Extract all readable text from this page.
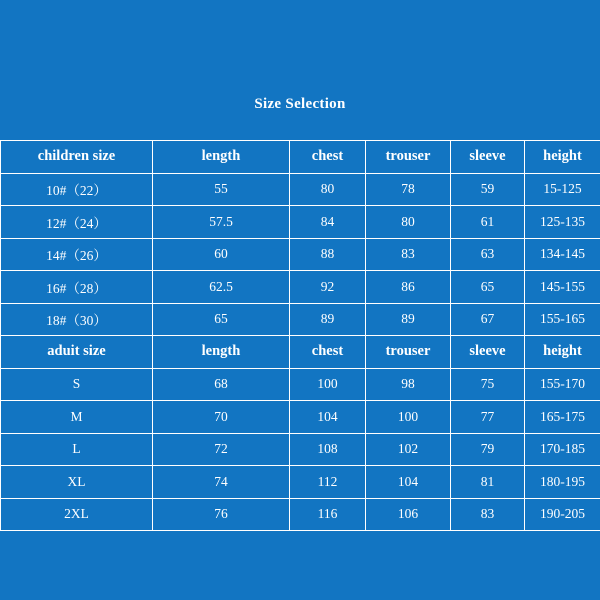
Size Selection
children size	length	chest	trouser	sleeve	height
10#（22）	55	80	78	59	15-125
12#（24）	57.5	84	80	61	125-135
14#（26）	60	88	83	63	134-145
16#（28）	62.5	92	86	65	145-155
18#（30）	65	89	89	67	155-165
aduit size	length	chest	trouser	sleeve	height
S	68	100	98	75	155-170
M	70	104	100	77	165-175
L	72	108	102	79	170-185
XL	74	112	104	81	180-195
2XL	76	116	106	83	190-205
